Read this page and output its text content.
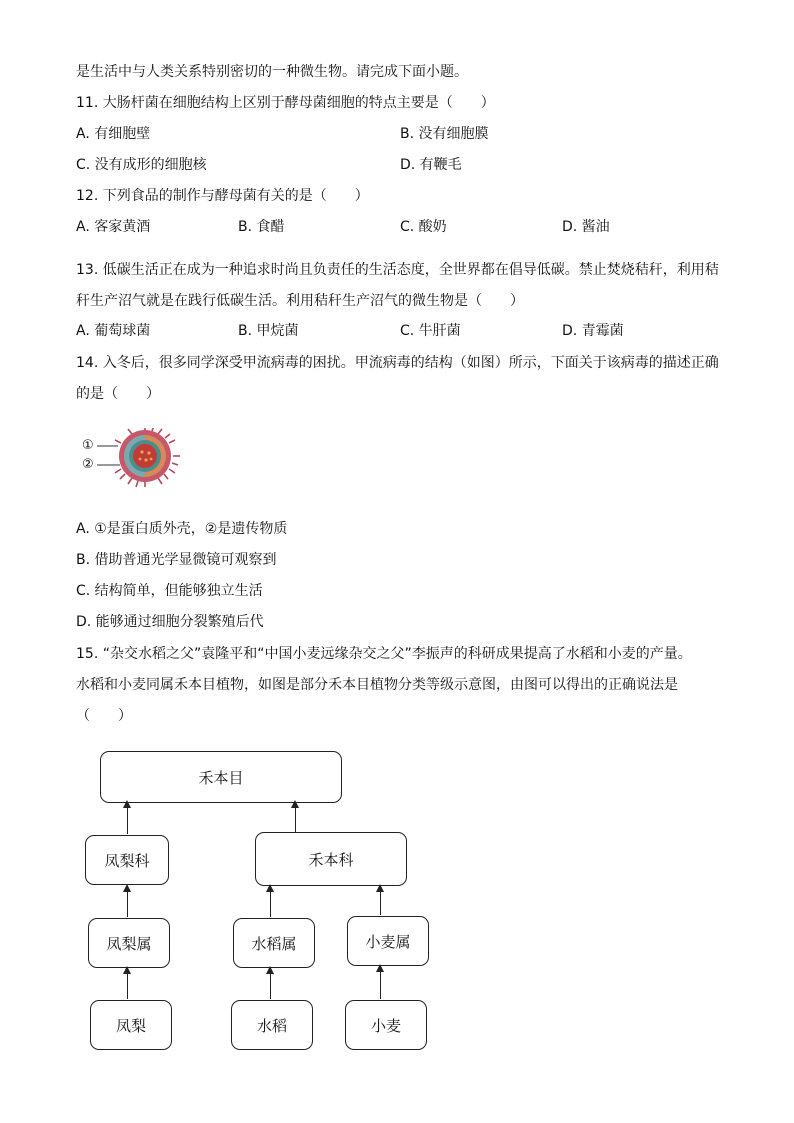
是生活中与人类关系特别密切的一种微生物。请完成下面小题。
11. 大肠杆菌在细胞结构上区别于酵母菌细胞的特点主要是（　　）
A. 有细胞壁	B. 没有细胞膜
C. 没有成形的细胞核	D. 有鞭毛
12. 下列食品的制作与酵母菌有关的是（　　）
A. 客家黄酒	B. 食醋	C. 酸奶	D. 酱油
13. 低碳生活正在成为一种追求时尚且负责任的生活态度，全世界都在倡导低碳。禁止焚烧秸秆，利用秸
秆生产沼气就是在践行低碳生活。利用秸秆生产沼气的微生物是（　　）
A. 葡萄球菌	B. 甲烷菌	C. 牛肝菌	D. 青霉菌
14. 入冬后，很多同学深受甲流病毒的困扰。甲流病毒的结构（如图）所示，下面关于该病毒的描述正确
的是（　　）
①
②
A. ①是蛋白质外壳，②是遗传物质
B. 借助普通光学显微镜可观察到
C. 结构简单，但能够独立生活
D. 能够通过细胞分裂繁殖后代
15. “杂交水稻之父”袁隆平和“中国小麦远缘杂交之父”李振声的科研成果提高了水稻和小麦的产量。
水稻和小麦同属禾本目植物，如图是部分禾本目植物分类等级示意图，由图可以得出的正确说法是
（　　）
禾本目
凤梨科	禾本科
凤梨属	水稻属	小麦属
凤梨	水稻	小麦
